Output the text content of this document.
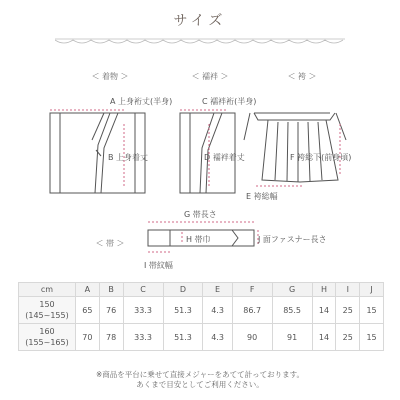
サイズ
＜ 着物 ＞	＜ 襦袢 ＞	＜ 袴 ＞
＜ 帯 ＞
A 上身裄丈(半身)
B 上身着丈
C 襦袢裄(半身)
D 襦袢着丈
E 袴総幅
F 袴総下(前身頃)
G 帯長さ
H 帯巾
I 帯紋幅
J 面ファスナー長さ
cm	A	B	C	D	E	F	G	H	I	J
150
(145~155)	65	76	33.3	51.3	4.3	86.7	85.5	14	25	15
160
(155~165)	70	78	33.3	51.3	4.3	90	91	14	25	15
※商品を平台に乗せて直接メジャーをあてて計っております。
あくまで目安としてご利用ください。
